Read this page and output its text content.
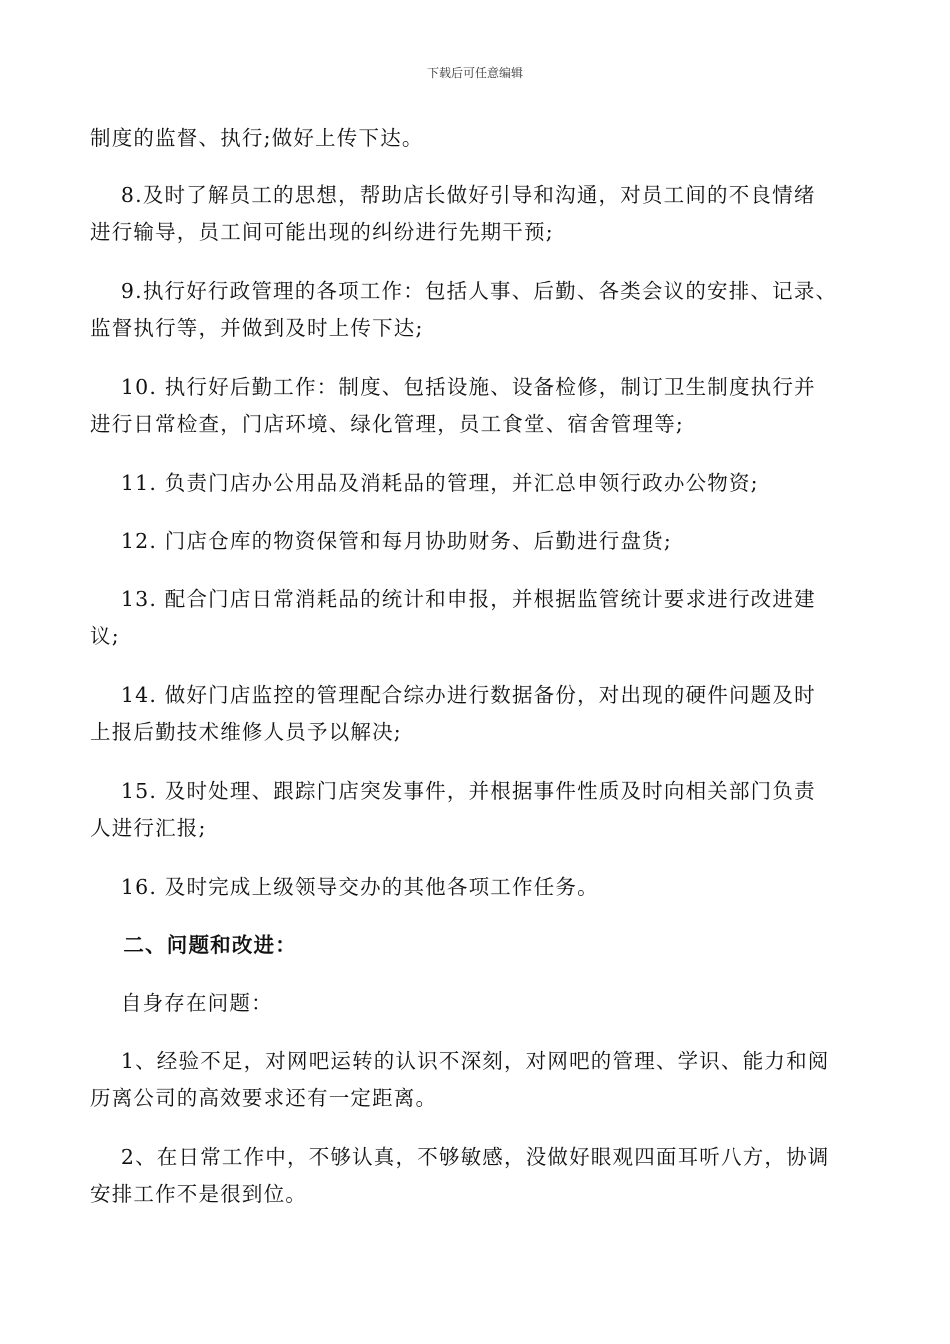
下载后可任意编辑
制度的监督、执行;做好上传下达。
8.及时了解员工的思想，帮助店长做好引导和沟通，对员工间的不良情绪
进行输导，员工间可能出现的纠纷进行先期干预;
9.执行好行政管理的各项工作：包括人事、后勤、各类会议的安排、记录、
监督执行等，并做到及时上传下达;
10. 执行好后勤工作：制度、包括设施、设备检修，制订卫生制度执行并
进行日常检查，门店环境、绿化管理，员工食堂、宿舍管理等;
11. 负责门店办公用品及消耗品的管理，并汇总申领行政办公物资;
12. 门店仓库的物资保管和每月协助财务、后勤进行盘货;
13. 配合门店日常消耗品的统计和申报，并根据监管统计要求进行改进建
议;
14. 做好门店监控的管理配合综办进行数据备份，对出现的硬件问题及时
上报后勤技术维修人员予以解决;
15. 及时处理、跟踪门店突发事件，并根据事件性质及时向相关部门负责
人进行汇报;
16. 及时完成上级领导交办的其他各项工作任务。
二、问题和改进：
自身存在问题：
1、经验不足，对网吧运转的认识不深刻，对网吧的管理、学识、能力和阅
历离公司的高效要求还有一定距离。
2、在日常工作中，不够认真，不够敏感，没做好眼观四面耳听八方，协调
安排工作不是很到位。
